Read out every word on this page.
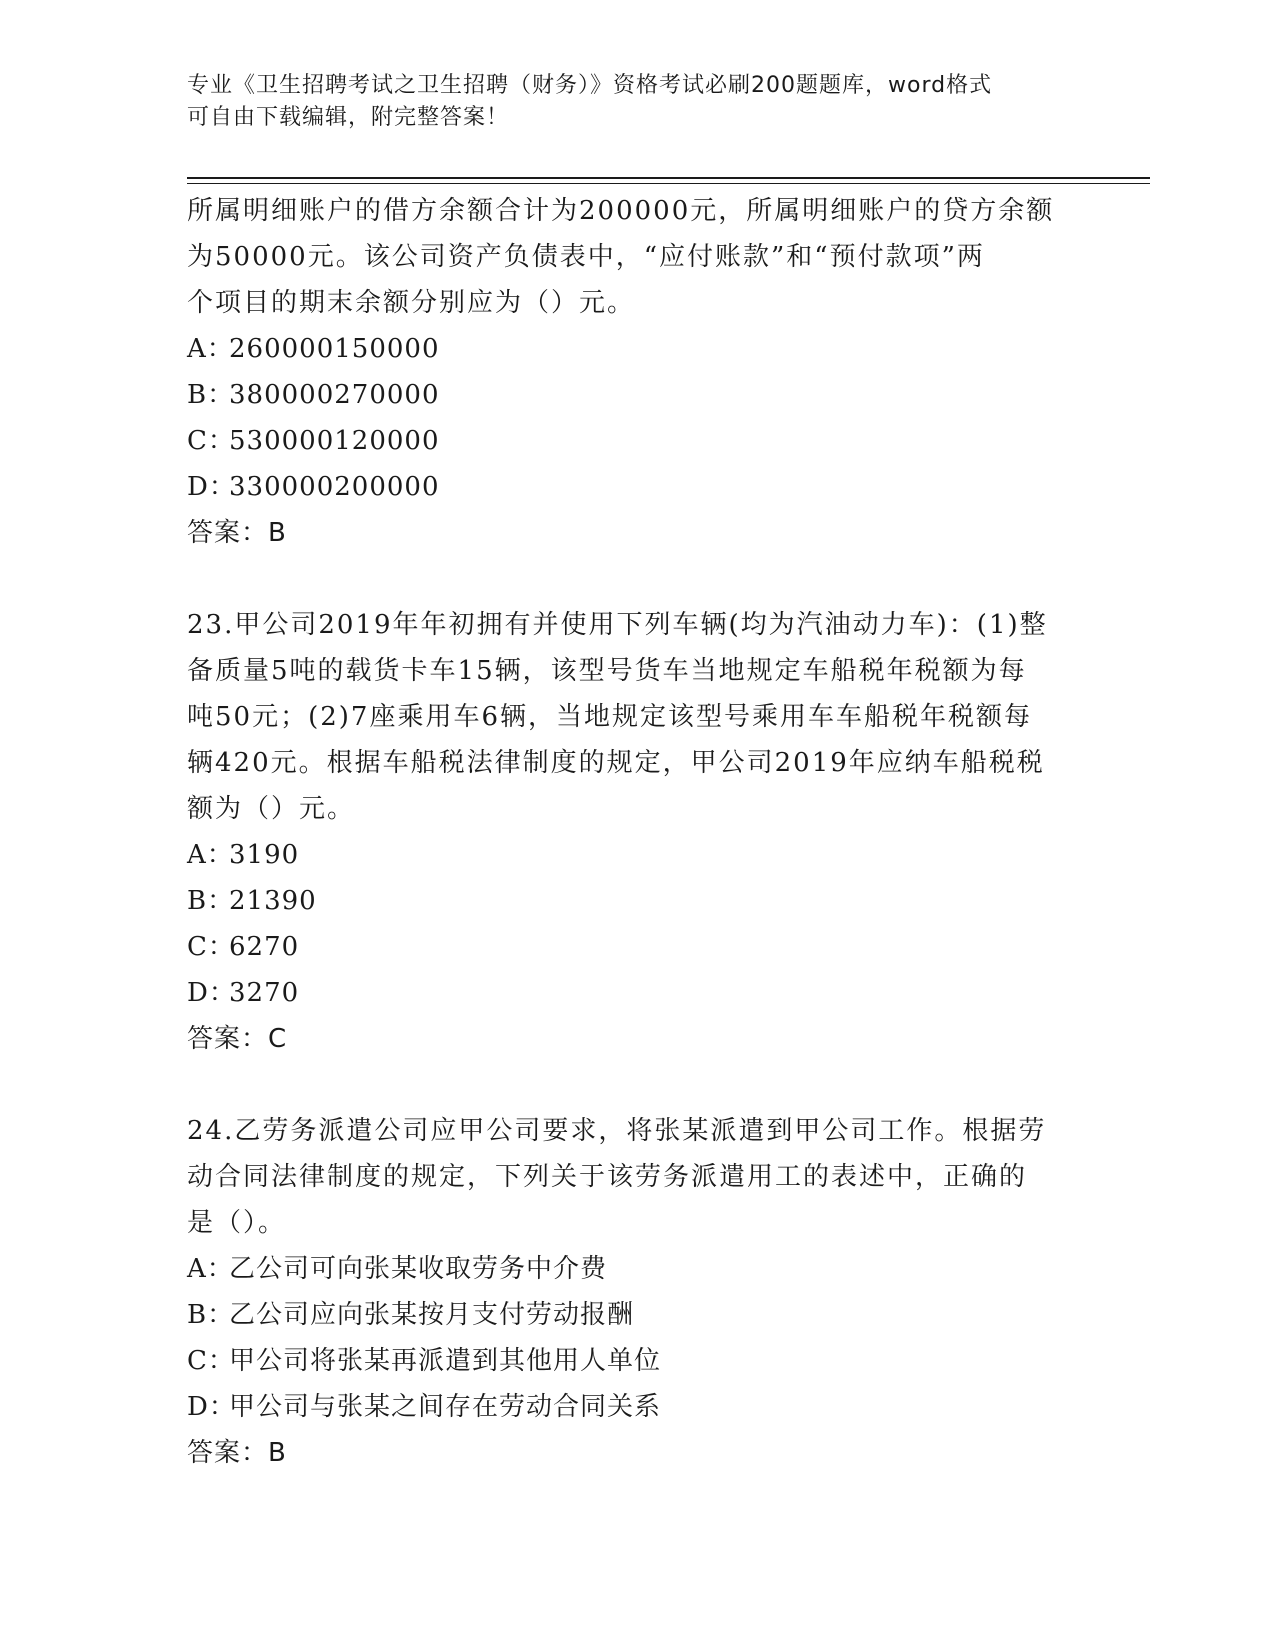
专业《卫生招聘考试之卫生招聘（财务）》资格考试必刷200题题库，word格式
可自由下载编辑，附完整答案！

所属明细账户的借方余额合计为200000元，所属明细账户的贷方余额

为50000元。该公司资产负债表中，“应付账款”和“预付款项”两

个项目的期末余额分别应为（）元。

A：260000150000

B：380000270000

C：530000120000

D：330000200000

答案：B

23.甲公司2019年年初拥有并使用下列车辆(均为汽油动力车)：(1)整

备质量5吨的载货卡车15辆，该型号货车当地规定车船税年税额为每

吨50元；(2)7座乘用车6辆，当地规定该型号乘用车车船税年税额每

辆420元。根据车船税法律制度的规定，甲公司2019年应纳车船税税

额为（）元。

A：3190

B：21390

C：6270

D：3270

答案：C

24.乙劳务派遣公司应甲公司要求，将张某派遣到甲公司工作。根据劳

动合同法律制度的规定，下列关于该劳务派遣用工的表述中，正确的

是（）。

A：乙公司可向张某收取劳务中介费

B：乙公司应向张某按月支付劳动报酬

C：甲公司将张某再派遣到其他用人单位

D：甲公司与张某之间存在劳动合同关系

答案：B
